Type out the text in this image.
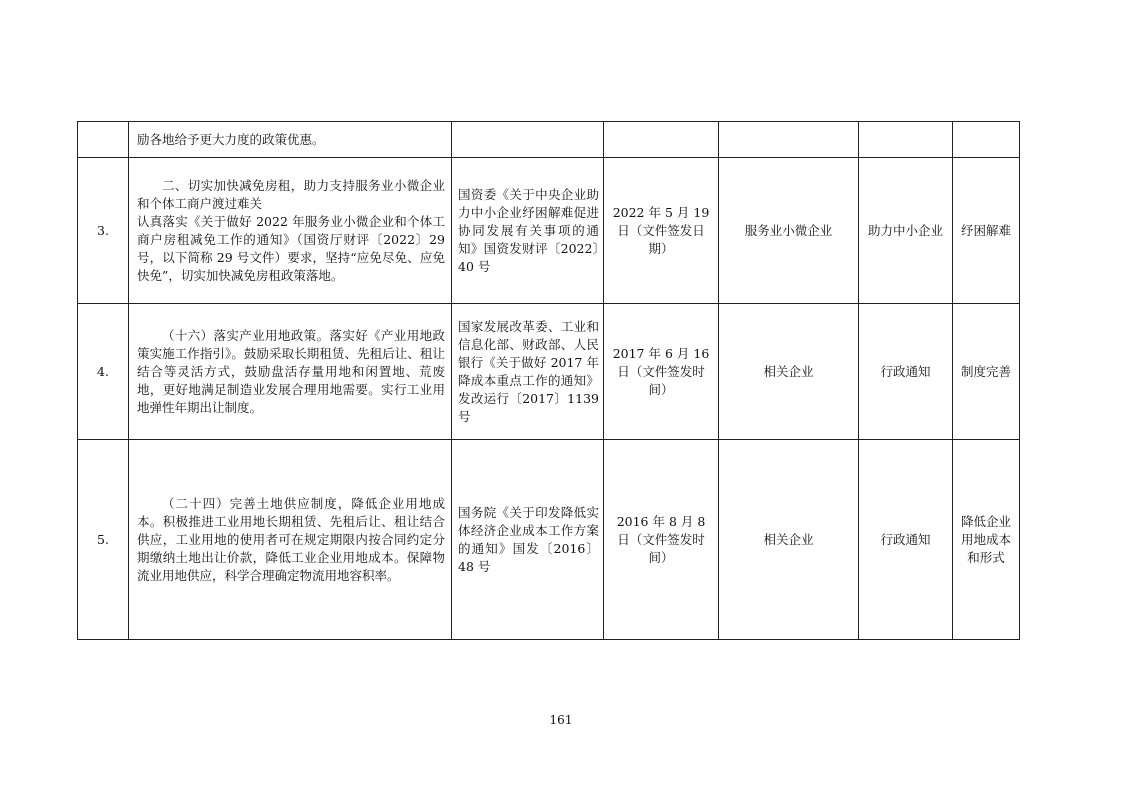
	励各地给予更大力度的政策优惠。					

3.	二、切实加快减免房租，助力支持服务业小微企业和个体工商户渡过难关

认真落实《关于做好 2022 年服务业小微企业和个体工商户房租减免工作的通知》（国资厅财评〔2022〕29 号，以下简称 29 号文件）要求，坚持“应免尽免、应免快免”，切实加快减免房租政策落地。	国资委《关于中央企业助力中小企业纾困解难促进协同发展有关事项的通知》国资发财评〔2022〕40 号	2022 年 5 月 19 日（文件签发日期）	服务业小微企业	助力中小企业	纾困解难
4.	（十六）落实产业用地政策。落实好《产业用地政策实施工作指引》。鼓励采取长期租赁、先租后让、租让结合等灵活方式，鼓励盘活存量用地和闲置地、荒废地，更好地满足制造业发展合理用地需要。实行工业用地弹性年期出让制度。	国家发展改革委、工业和信息化部、财政部、人民银行《关于做好 2017 年降成本重点工作的通知》发改运行〔2017〕1139 号	2017 年 6 月 16 日（文件签发时间）	相关企业	行政通知	制度完善
5.	（二十四）完善土地供应制度，降低企业用地成本。积极推进工业用地长期租赁、先租后让、租让结合供应，工业用地的使用者可在规定期限内按合同约定分期缴纳土地出让价款，降低工业企业用地成本。保障物流业用地供应，科学合理确定物流用地容积率。	国务院《关于印发降低实体经济企业成本工作方案的通知》国发〔2016〕48 号	2016 年 8 月 8 日（文件签发时间）	相关企业	行政通知	降低企业用地成本和形式
161
